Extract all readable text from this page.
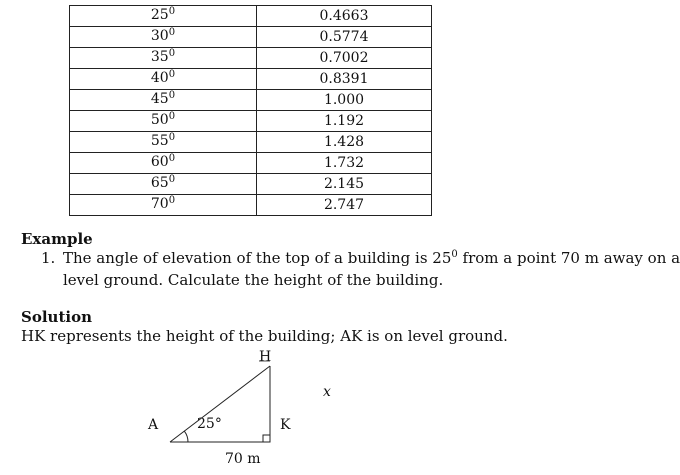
$25^0$	0.4663
$30^0$	0.5774
$35^0$	0.7002
$40^0$	0.8391
$45^0$	1.000
$50^0$	1.192
$55^0$	1.428
$60^0$	1.732
$65^0$	2.145
$70^0$	2.747
Example
1. The angle of elevation of the top of a building is $25^0$ from a point 70 m away on a
level ground. Calculate the height of the building.
Solution
HK represents the height of the building; AK is on level ground.
H
A	K
x
25°
70 m
